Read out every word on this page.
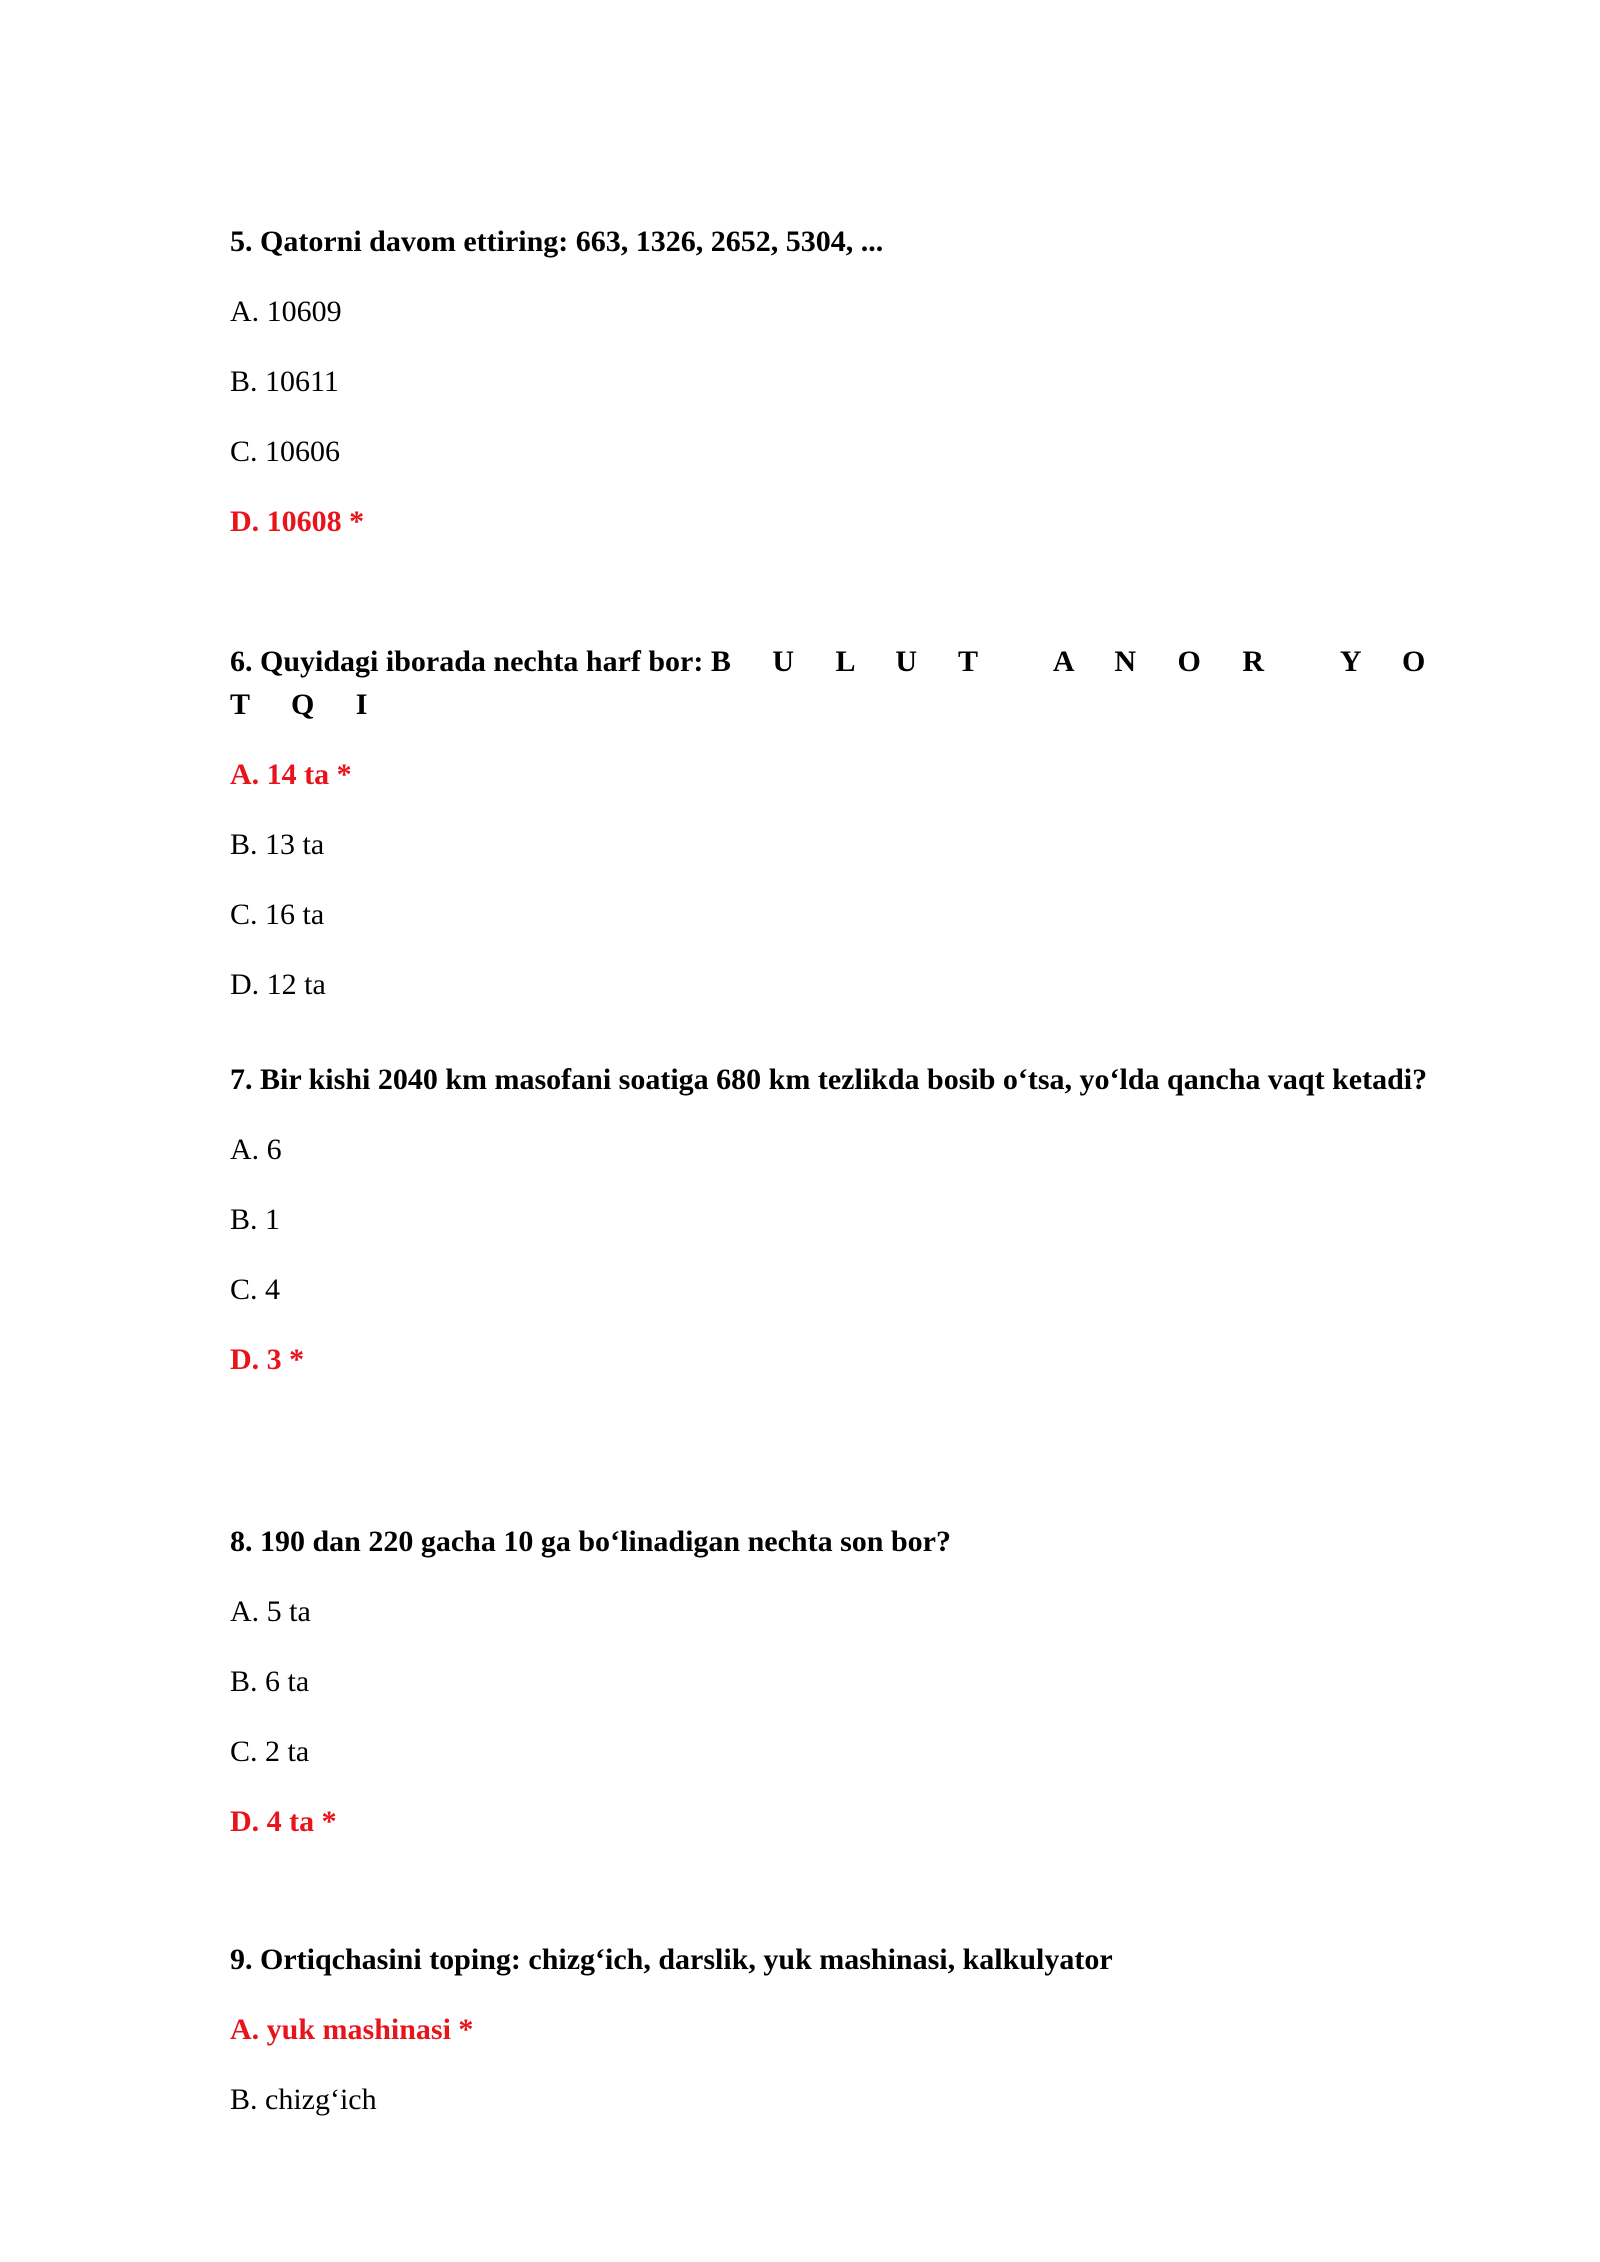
5. Qatorni davom ettiring: 663, 1326, 2652, 5304, ...

A. 10609

B. 10611

C. 10606

D. 10608 *

6. Quyidagi iborada nechta harf bor: B U L U T  A N O R  Y O T Q I

A. 14 ta *

B. 13 ta

C. 16 ta

D. 12 ta

7. Bir kishi 2040 km masofani soatiga 680 km tezlikda bosib o‘tsa, yo‘lda qancha vaqt ketadi?

A. 6

B. 1

C. 4

D. 3 *

8. 190 dan 220 gacha 10 ga bo‘linadigan nechta son bor?

A. 5 ta

B. 6 ta

C. 2 ta

D. 4 ta *

9. Ortiqchasini toping: chizg‘ich, darslik, yuk mashinasi, kalkulyator

A. yuk mashinasi *

B. chizg‘ich
